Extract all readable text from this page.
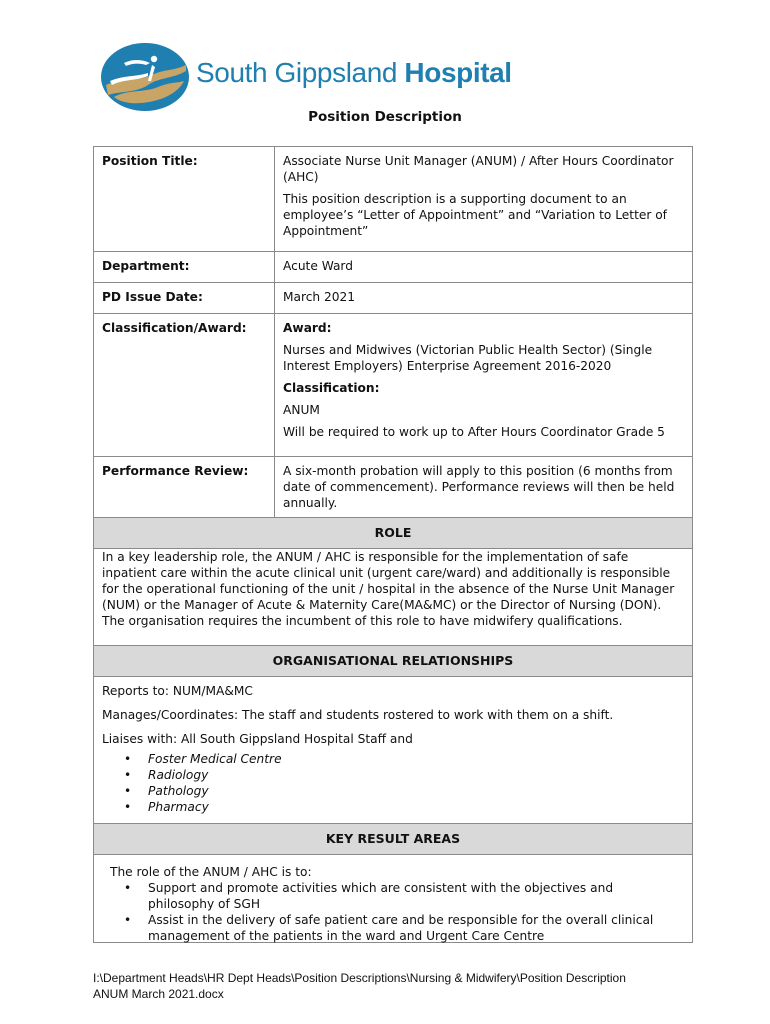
South Gippsland Hospital
Position Description
Position Title:	Associate Nurse Unit Manager (ANUM) / After Hours Coordinator (AHC)

This position description is a supporting document to an employee’s “Letter of Appointment” and “Variation to Letter of Appointment”

Department:	Acute Ward
PD Issue Date:	March 2021
Classification/Award:	Award:

Nurses and Midwives (Victorian Public Health Sector) (Single Interest Employers) Enterprise Agreement 2016-2020

Classification:

ANUM

Will be required to work up to After Hours Coordinator Grade 5

Performance Review:	A six-month probation will apply to this position (6 months from date of commencement). Performance reviews will then be held annually.
ROLE

In a key leadership role, the ANUM / AHC is responsible for the implementation of safe inpatient care within the acute clinical unit (urgent care/ward) and additionally is responsible for the operational functioning of the unit / hospital in the absence of the Nurse Unit Manager (NUM) or the Manager of Acute & Maternity Care(MA&MC) or the Director of Nursing (DON). The organisation requires the incumbent of this role to have midwifery qualifications.

ORGANISATIONAL RELATIONSHIPS

Reports to: NUM/MA&MC

Manages/Coordinates: The staff and students rostered to work with them on a shift.

Liaises with: All South Gippsland Hospital Staff and

• Foster Medical Centre
• Radiology
• Pathology
• Pharmacy
KEY RESULT AREAS

The role of the ANUM / AHC is to:

• Support and promote activities which are consistent with the objectives and philosophy of SGH
• Assist in the delivery of safe patient care and be responsible for the overall clinical management of the patients in the ward and Urgent Care Centre
I:\Department Heads\HR Dept Heads\Position Descriptions\Nursing & Midwifery\Position Description
ANUM March 2021.docx
